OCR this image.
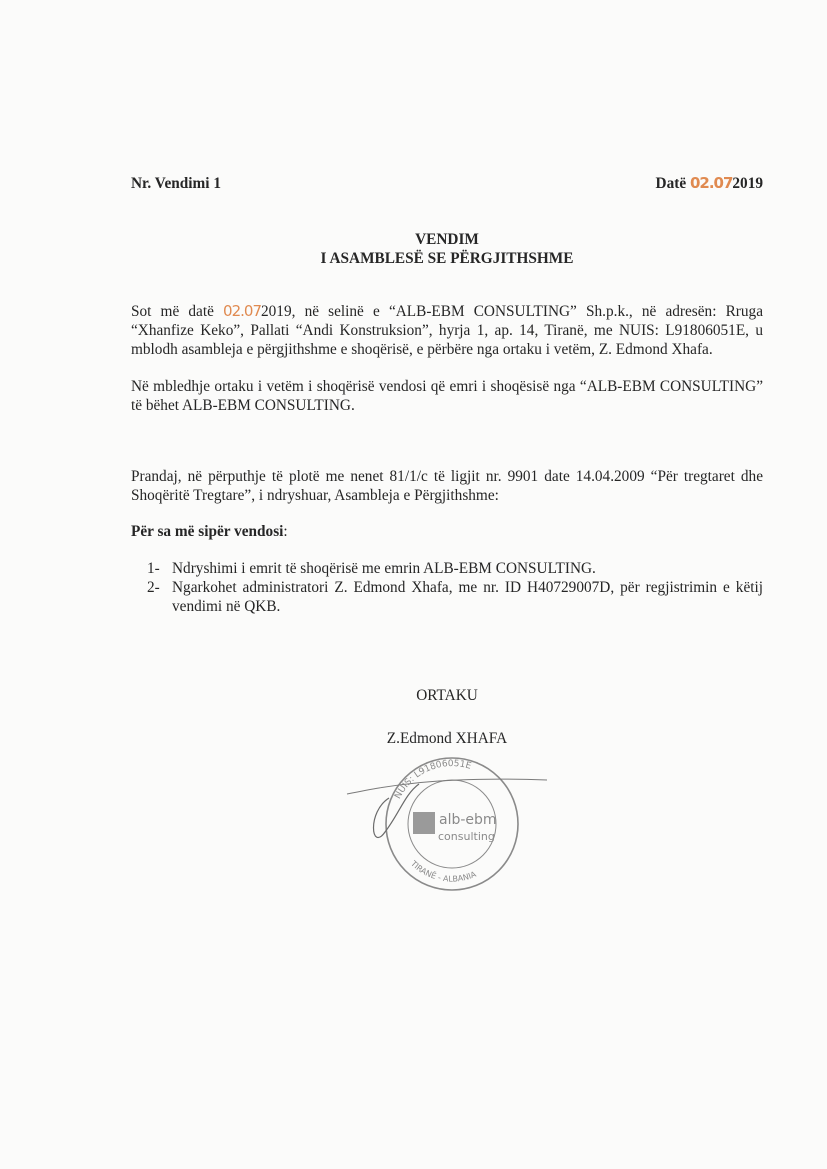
Nr. Vendimi 1	Datë 02.072019
VENDIM
I ASAMBLESË SE PËRGJITHSHME

Sot më datë 02.072019, në selinë e “ALB-EBM CONSULTING” Sh.p.k., në adresën: Rruga “Xhanfize Keko”, Pallati “Andi Konstruksion”, hyrja 1, ap. 14, Tiranë, me NUIS: L91806051E, u mblodh asambleja e përgjithshme e shoqërisë, e përbëre nga ortaku i vetëm, Z. Edmond Xhafa.

Në mbledhje ortaku i vetëm i shoqërisë vendosi që emri i shoqësisë nga “ALB-EBM CONSULTING” të bëhet ALB-EBM CONSULTING.

Prandaj, në përputhje të plotë me nenet 81/1/c të ligjit nr. 9901 date 14.04.2009 “Për tregtaret dhe Shoqëritë Tregtare”, i ndryshuar, Asambleja e Përgjithshme:

Për sa më sipër vendosi:
1- Ndryshimi i emrit të shoqërisë me emrin ALB-EBM CONSULTING.
2- Ngarkohet administratori Z. Edmond Xhafa, me nr. ID H40729007D, për regjistrimin e këtij vendimi në QKB.
ORTAKU
Z.Edmond XHAFA
alb-ebm
consulting
NUIS: L91806051E
TIRANË - ALBANIA
